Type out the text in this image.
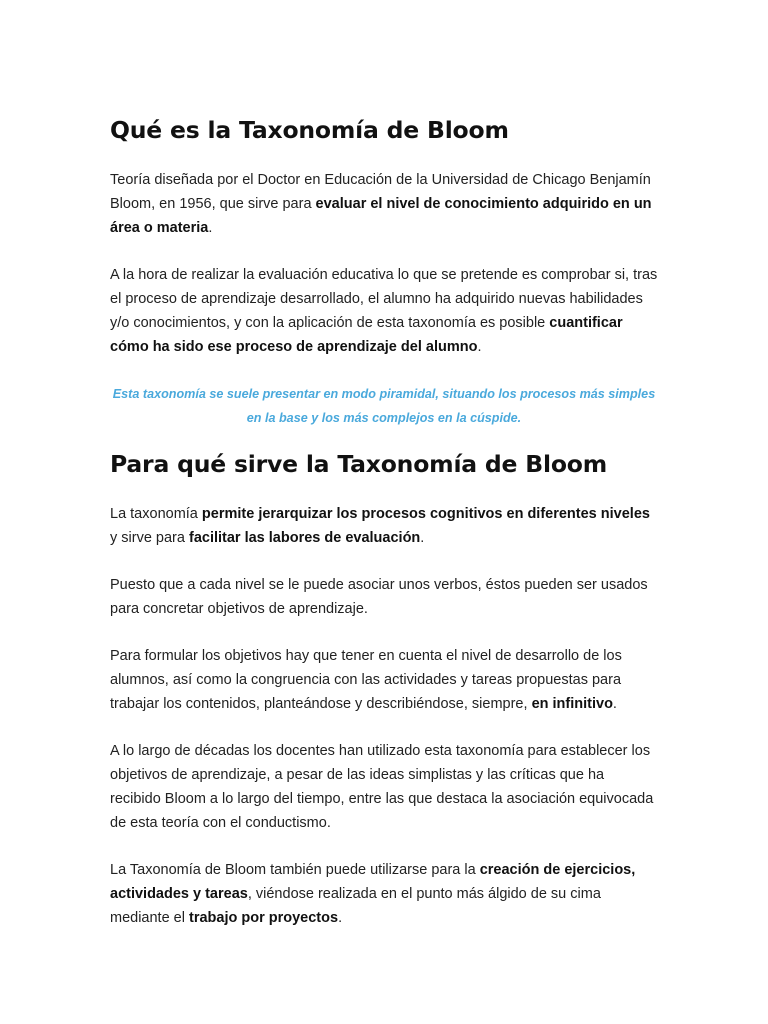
Qué es la Taxonomía de Bloom

Teoría diseñada por el Doctor en Educación de la Universidad de Chicago Benjamín Bloom, en 1956, que sirve para evaluar el nivel de conocimiento adquirido en un área o materia.

A la hora de realizar la evaluación educativa lo que se pretende es comprobar si, tras el proceso de aprendizaje desarrollado, el alumno ha adquirido nuevas habilidades y/o conocimientos, y con la aplicación de esta taxonomía es posible cuantificar cómo ha sido ese proceso de aprendizaje del alumno.

Esta taxonomía se suele presentar en modo piramidal, situando los procesos más simples en la base y los más complejos en la cúspide.
Para qué sirve la Taxonomía de Bloom

La taxonomía permite jerarquizar los procesos cognitivos en diferentes niveles y sirve para facilitar las labores de evaluación.

Puesto que a cada nivel se le puede asociar unos verbos, éstos pueden ser usados para concretar objetivos de aprendizaje.

Para formular los objetivos hay que tener en cuenta el nivel de desarrollo de los alumnos, así como la congruencia con las actividades y tareas propuestas para trabajar los contenidos, planteándose y describiéndose, siempre, en infinitivo.

A lo largo de décadas los docentes han utilizado esta taxonomía para establecer los objetivos de aprendizaje, a pesar de las ideas simplistas y las críticas que ha recibido Bloom a lo largo del tiempo, entre las que destaca la asociación equivocada de esta teoría con el conductismo.

La Taxonomía de Bloom también puede utilizarse para la creación de ejercicios, actividades y tareas, viéndose realizada en el punto más álgido de su cima mediante el trabajo por proyectos.
